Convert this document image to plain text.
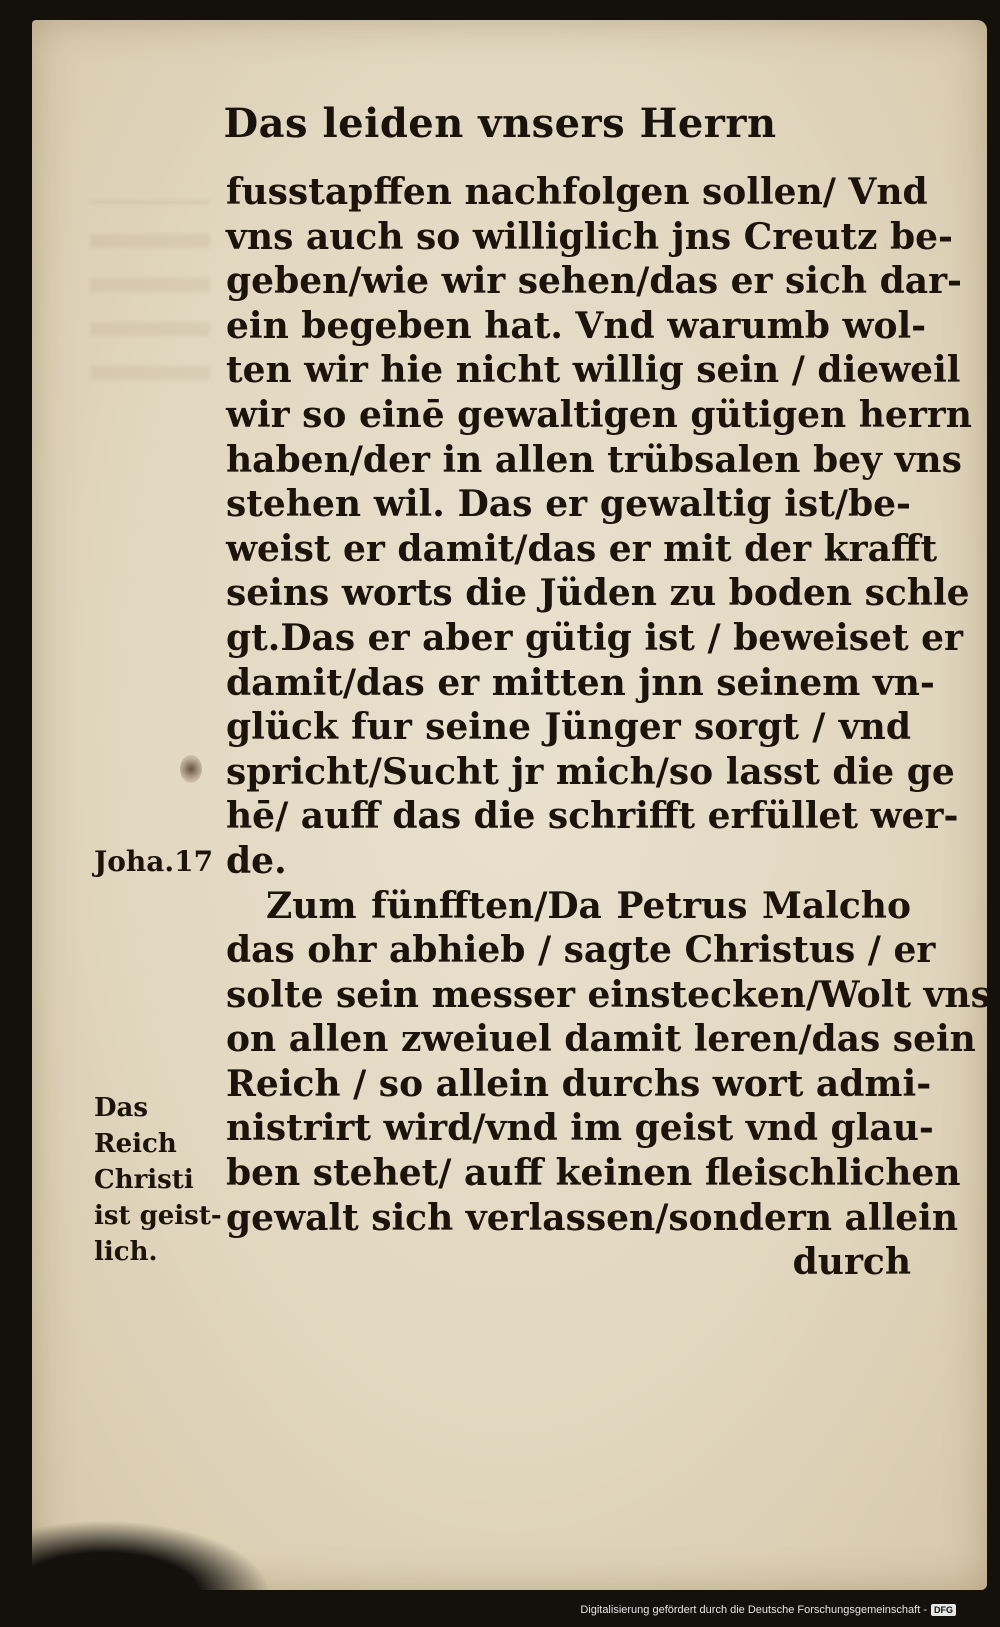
Das leiden vnsers Herrn
fusstapffen nachfolgen sollen/ Vnd
vns auch so williglich jns Creutz be-
geben/wie wir sehen/das er sich dar-
ein begeben hat. Vnd warumb wol-
ten wir hie nicht willig sein / dieweil
wir so einē gewaltigen gütigen herrn
haben/der in allen trübsalen bey vns
stehen wil. Das er gewaltig ist/be-
weist er damit/das er mit der krafft
seins worts die Jüden zu boden schle
gt.Das er aber gütig ist / beweiset er
damit/das er mitten jnn seinem vn-
glück fur seine Jünger sorgt / vnd
spricht/Sucht jr mich/so lasst die ge
hē/ auff das die schrifft erfüllet wer-
de.
Zum fünfften/Da Petrus Malcho
das ohr abhieb / sagte Christus / er
solte sein messer einstecken/Wolt vns
on allen zweiuel damit leren/das sein
Reich / so allein durchs wort admi-
nistrirt wird/vnd im geist vnd glau-
ben stehet/ auff keinen fleischlichen
gewalt sich verlassen/sondern allein
durch
Joha.17
Das
Reich
Christi
ist geist-
lich.
Digitalisierung gefördert durch die Deutsche Forschungsgemeinschaft - DFG
